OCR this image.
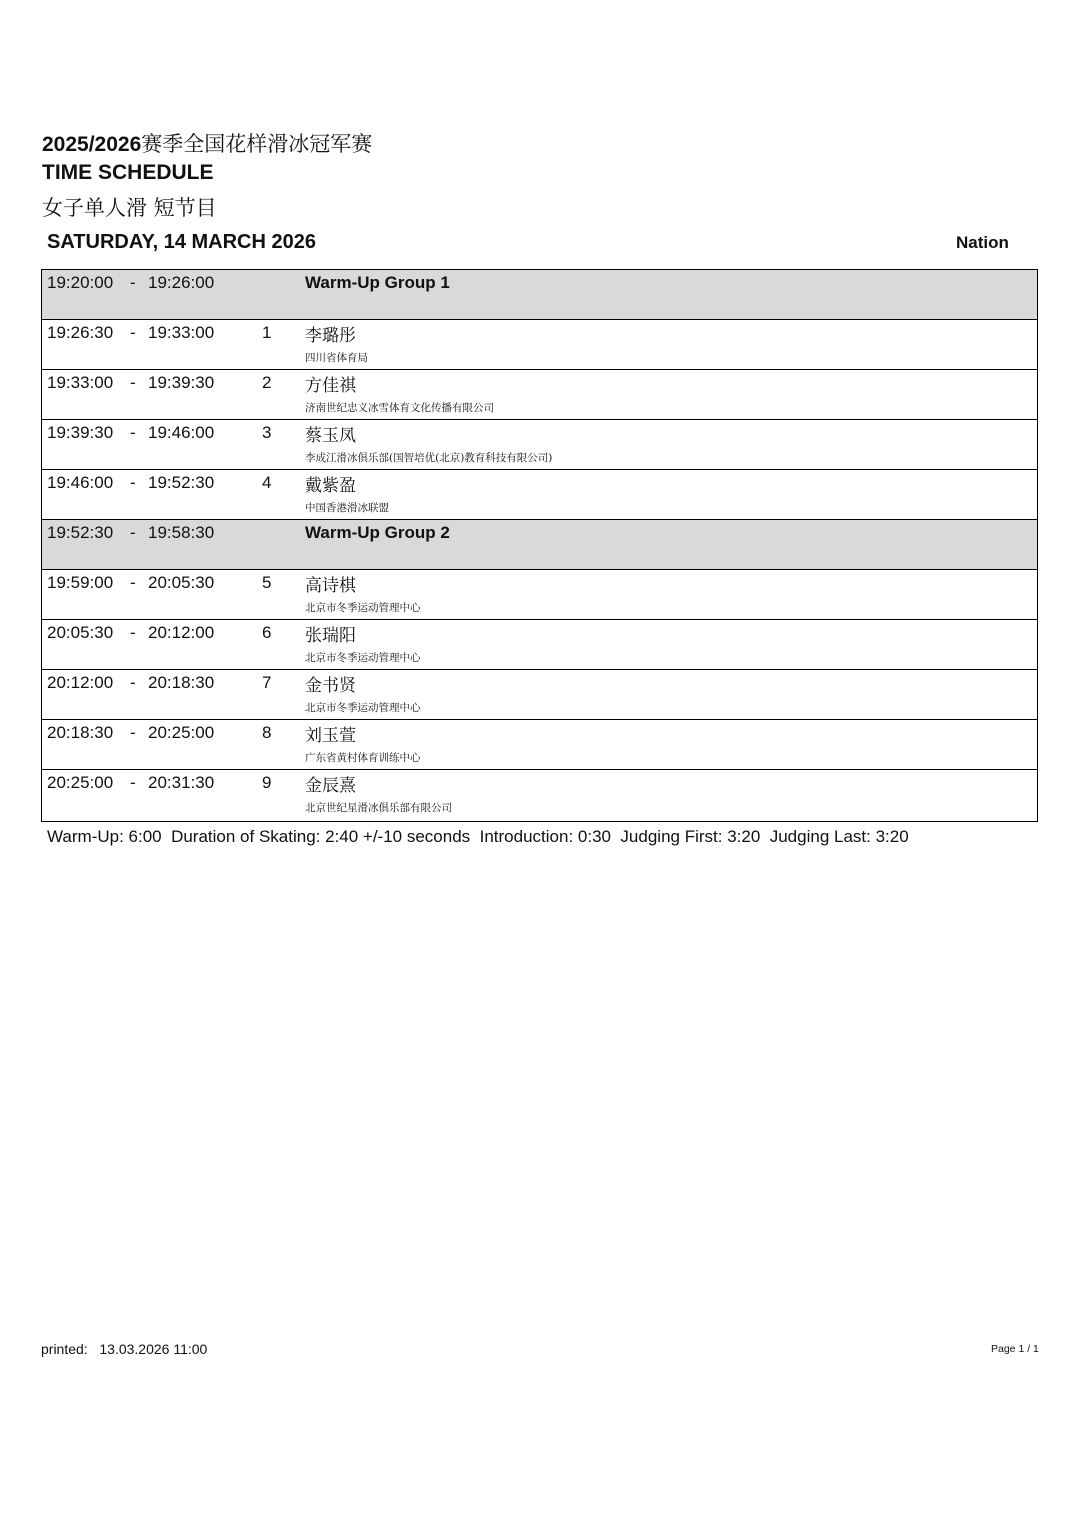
2025/2026赛季全国花样滑冰冠军赛
TIME SCHEDULE
女子单人滑 短节目
SATURDAY, 14 MARCH 2026	Nation
19:20:00 - 19:26:00	Warm-Up Group 1
19:26:30 - 19:33:00	1 李璐彤
四川省体育局
19:33:00 - 19:39:30	2 方佳祺
济南世纪忠义冰雪体育文化传播有限公司
19:39:30 - 19:46:00	3 蔡玉凤
李成江滑冰俱乐部(国智培优(北京)教育科技有限公司)
19:46:00 - 19:52:30	4 戴紫盈
中国香港滑冰联盟
19:52:30 - 19:58:30	Warm-Up Group 2
19:59:00 - 20:05:30	5 高诗棋
北京市冬季运动管理中心
20:05:30 - 20:12:00	6 张瑞阳
北京市冬季运动管理中心
20:12:00 - 20:18:30	7 金书贤
北京市冬季运动管理中心
20:18:30 - 20:25:00	8 刘玉萱
广东省黄村体育训练中心
20:25:00 - 20:31:30	9 金辰熹
北京世纪星滑冰俱乐部有限公司
Warm-Up: 6:00  Duration of Skating: 2:40 +/-10 seconds  Introduction: 0:30  Judging First: 3:20  Judging Last: 3:20
printed:   13.03.2026 11:00	Page 1 / 1
